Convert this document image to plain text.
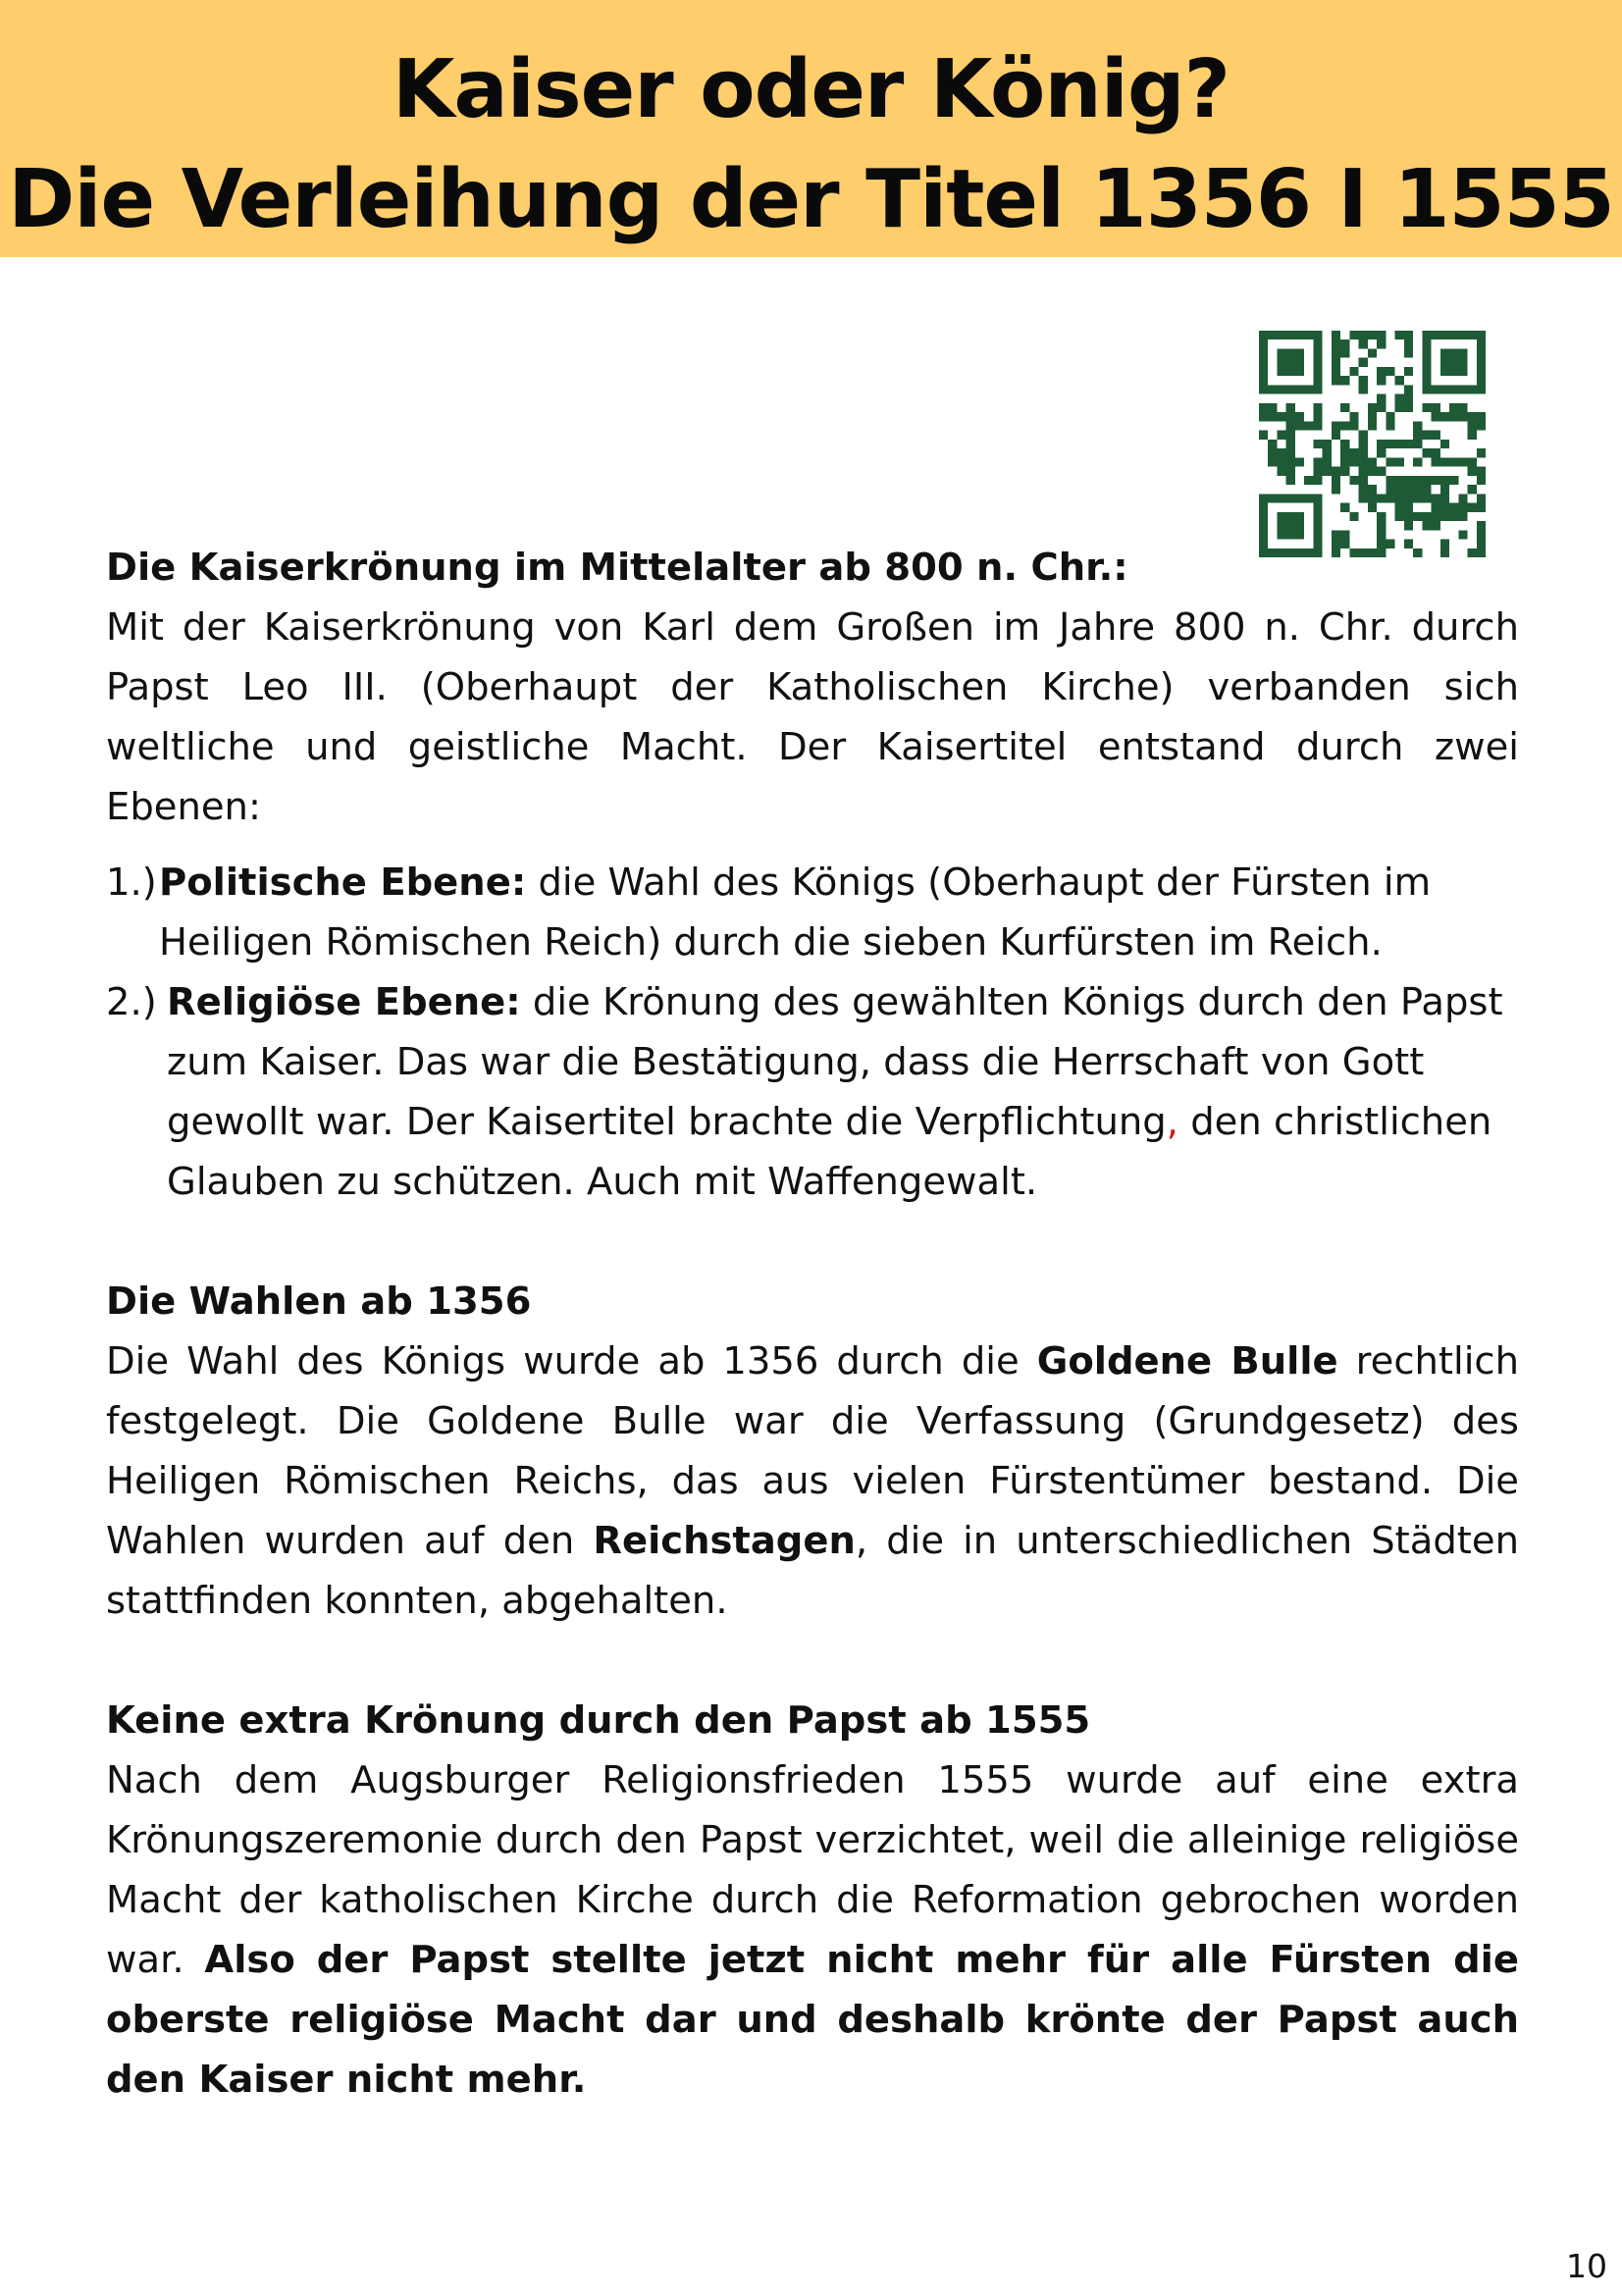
Kaiser oder König?
Die Verleihung der Titel 1356 I 1555

Die Kaiserkrönung im Mittelalter ab 800 n. Chr.:

Mit der Kaiserkrönung von Karl dem Großen im Jahre 800 n. Chr. durch Papst Leo III. (Oberhaupt der Katholischen Kirche) verbanden sich weltliche und geistliche Macht. Der Kaisertitel entstand durch zwei Ebenen:

1.) Politische Ebene: die Wahl des Königs (Oberhaupt der Fürsten im Heiligen Römischen Reich) durch die sieben Kurfürsten im Reich.
2.) Religiöse Ebene: die Krönung des gewählten Königs durch den Papst zum Kaiser. Das war die Bestätigung, dass die Herrschaft von Gott gewollt war. Der Kaisertitel brachte die Verpflichtung, den christlichen Glauben zu schützen. Auch mit Waffengewalt.

Die Wahlen ab 1356

Die Wahl des Königs wurde ab 1356 durch die Goldene Bulle rechtlich festgelegt. Die Goldene Bulle war die Verfassung (Grundgesetz) des Heiligen Römischen Reichs, das aus vielen Fürstentümer bestand. Die Wahlen wurden auf den Reichstagen, die in unterschiedlichen Städten stattfinden konnten, abgehalten.

Keine extra Krönung durch den Papst ab 1555

Nach dem Augsburger Religionsfrieden 1555 wurde auf eine extra Krönungszeremonie durch den Papst verzichtet, weil die alleinige religiöse Macht der katholischen Kirche durch die Reformation gebrochen worden war. Also der Papst stellte jetzt nicht mehr für alle Fürsten die oberste religiöse Macht dar und deshalb krönte der Papst auch den Kaiser nicht mehr.

10
